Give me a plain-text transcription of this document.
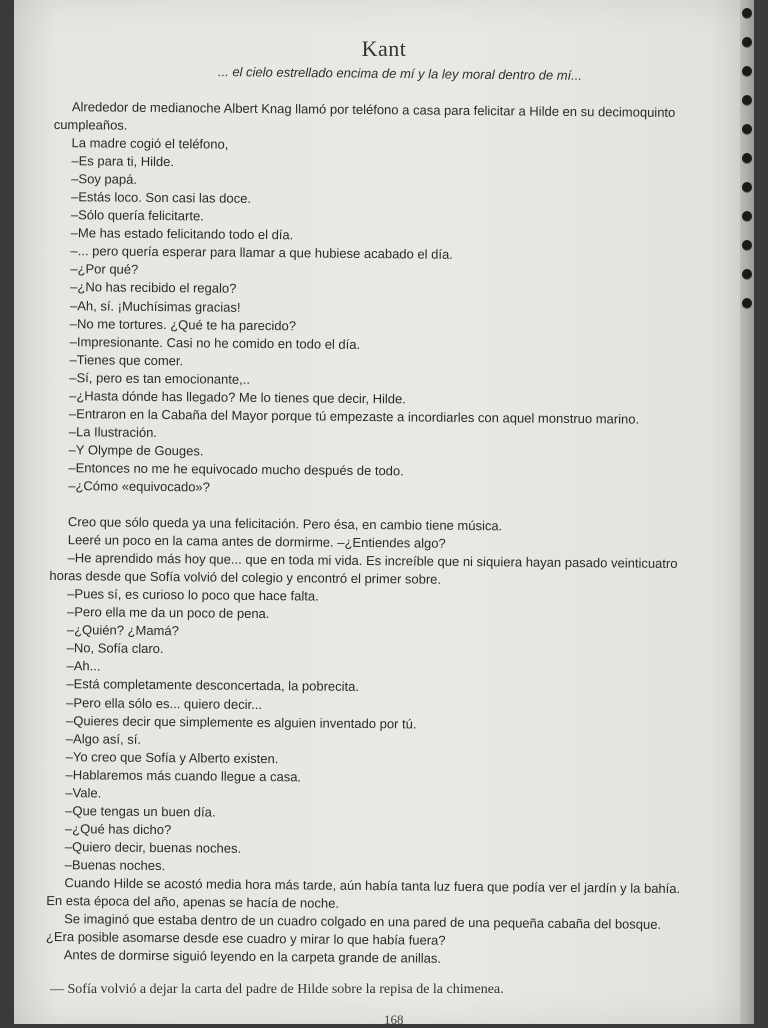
Kant
... el cielo estrellado encima de mí y la ley moral dentro de mí...
Alrededor de medianoche Albert Knag llamó por teléfono a casa para felicitar a Hilde en su decimoquinto
cumpleaños.
La madre cogió el teléfono,
–Es para ti, Hilde.
–Soy papá.
–Estás loco. Son casi las doce.
–Sólo quería felicitarte.
–Me has estado felicitando todo el día.
–... pero quería esperar para llamar a que hubiese acabado el día.
–¿Por qué?
–¿No has recibido el regalo?
–Ah, sí. ¡Muchísimas gracias!
–No me tortures. ¿Qué te ha parecido?
–Impresionante. Casi no he comido en todo el día.
–Tienes que comer.
–Sí, pero es tan emocionante,..
–¿Hasta dónde has llegado? Me lo tienes que decir, Hilde.
–Entraron en la Cabaña del Mayor porque tú empezaste a incordiarles con aquel monstruo marino.
–La Ilustración.
–Y Olympe de Gouges.
–Entonces no me he equivocado mucho después de todo.
–¿Cómo «equivocado»?
Creo que sólo queda ya una felicitación. Pero ésa, en cambio tiene música.
Leeré un poco en la cama antes de dormirme. –¿Entiendes algo?
–He aprendido más hoy que... que en toda mi vida. Es increíble que ni siquiera hayan pasado veinticuatro
horas desde que Sofía volvió del colegio y encontró el primer sobre.
–Pues sí, es curioso lo poco que hace falta.
–Pero ella me da un poco de pena.
–¿Quién? ¿Mamá?
–No, Sofía claro.
–Ah...
–Está completamente desconcertada, la pobrecita.
–Pero ella sólo es... quiero decir...
–Quieres decir que simplemente es alguien inventado por tú.
–Algo así, sí.
–Yo creo que Sofía y Alberto existen.
–Hablaremos más cuando llegue a casa.
–Vale.
–Que tengas un buen día.
–¿Qué has dicho?
–Quiero decir, buenas noches.
–Buenas noches.
Cuando Hilde se acostó media hora más tarde, aún había tanta luz fuera que podía ver el jardín y la bahía.
En esta época del año, apenas se hacía de noche.
Se imaginó que estaba dentro de un cuadro colgado en una pared de una pequeña cabaña del bosque.
¿Era posible asomarse desde ese cuadro y mirar lo que había fuera?
Antes de dormirse siguió leyendo en la carpeta grande de anillas.
— Sofía volvió a dejar la carta del padre de Hilde sobre la repisa de la chimenea.
168
